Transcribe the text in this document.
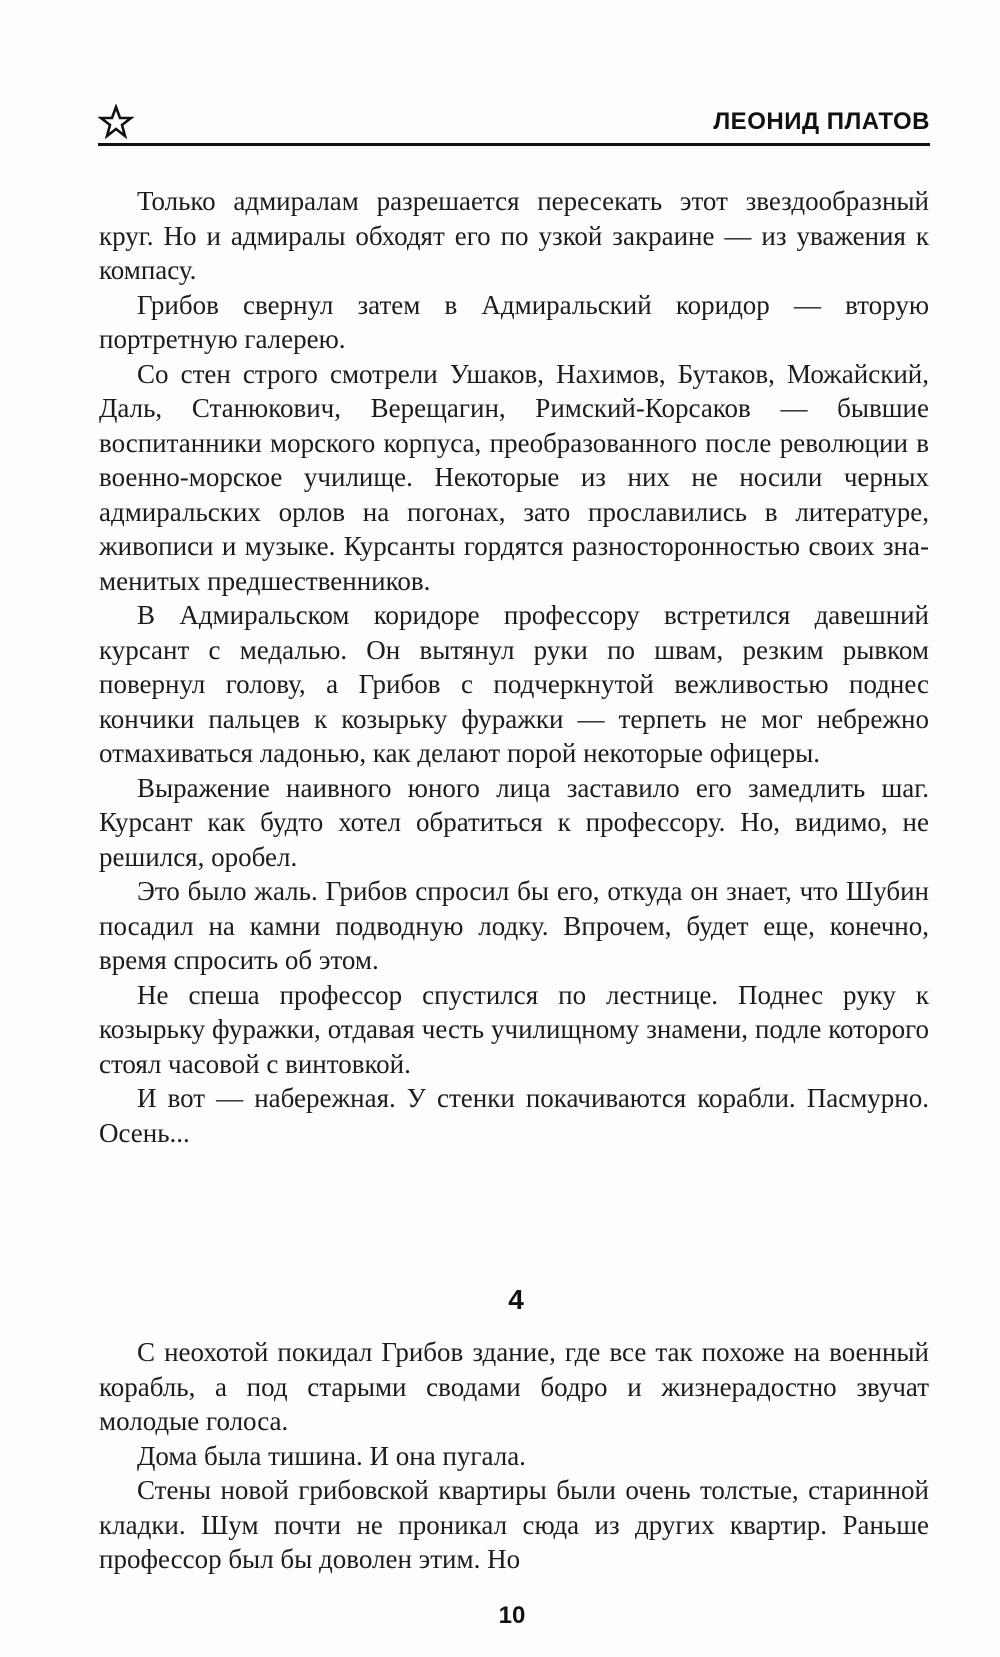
ЛЕОНИД ПЛАТОВ

Только адмиралам разрешается пересекать этот звездообразный круг. Но и адмиралы обходят его по узкой закраине — из уважения к компасу.

Грибов свернул затем в Адмиральский коридор — вторую портретную галерею.

Со стен строго смотрели Ушаков, Нахимов, Бутаков, Можайский, Даль, Станюкович, Верещагин, Римский-Корсаков — бывшие воспитанники морского корпуса, преобразованного после революции в военно-морское училище. Некоторые из них не носили черных адмиральских орлов на погонах, зато прославились в литературе, живописи и музыке. Курсанты гордятся разносторонностью своих знаменитых предшественников.

В Адмиральском коридоре профессору встретился давешний курсант с медалью. Он вытянул руки по швам, резким рывком повернул голову, а Грибов с подчеркнутой вежливостью поднес кончики пальцев к козырьку фуражки — терпеть не мог небрежно отмахиваться ладонью, как делают порой некоторые офицеры.

Выражение наивного юного лица заставило его замедлить шаг. Курсант как будто хотел обратиться к профессору. Но, видимо, не решился, оробел.

Это было жаль. Грибов спросил бы его, откуда он знает, что Шубин посадил на камни подводную лодку. Впрочем, будет еще, конечно, время спросить об этом.

Не спеша профессор спустился по лестнице. Поднес руку к козырьку фуражки, отдавая честь училищному знамени, подле которого стоял часовой с винтовкой.

И вот — набережная. У стенки покачиваются корабли. Пасмурно. Осень...

4

С неохотой покидал Грибов здание, где все так похоже на военный корабль, а под старыми сводами бодро и жизнерадостно звучат молодые голоса.

Дома была тишина. И она пугала.

Стены новой грибовской квартиры были очень толстые, старинной кладки. Шум почти не проникал сюда из других квартир. Раньше профессор был бы доволен этим. Но

10
